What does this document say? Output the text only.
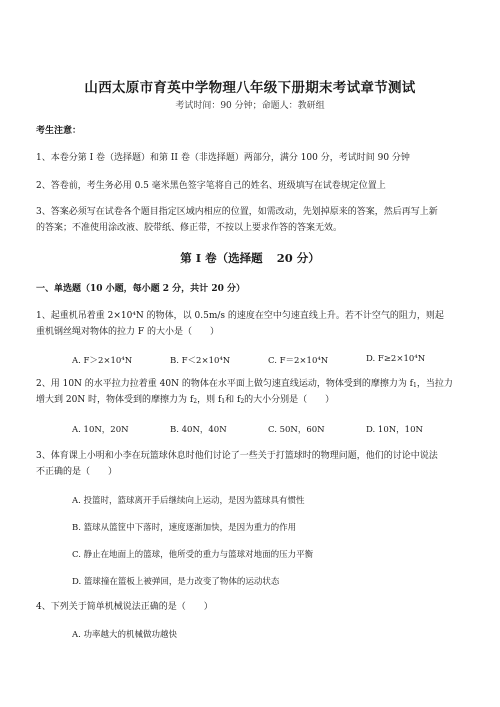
山西太原市育英中学物理八年级下册期末考试章节测试
考试时间：90 分钟；命题人：教研组
考生注意：
1、本卷分第 I 卷（选择题）和第 II 卷（非选择题）两部分，满分 100 分，考试时间 90 分钟
2、答卷前，考生务必用 0.5 毫米黑色签字笔将自己的姓名、班级填写在试卷规定位置上
3、答案必须写在试卷各个题目指定区域内相应的位置，如需改动，先划掉原来的答案，然后再写上新
的答案；不准使用涂改液、胶带纸、修正带，不按以上要求作答的答案无效。
第 I 卷（选择题 20 分）
一、单选题（10 小题，每小题 2 分，共计 20 分）
1、起重机吊着重 2×10⁴N 的物体，以 0.5m/s 的速度在空中匀速直线上升。若不计空气的阻力，则起
重机钢丝绳对物体的拉力 F 的大小是（　　）
A. F＞2×10⁴N	B. F＜2×10⁴N	C. F＝2×10⁴N	D. F≥2×10⁴N
2、用 10N 的水平拉力拉着重 40N 的物体在水平面上做匀速直线运动，物体受到的摩擦力为 f1，当拉力
增大到 20N 时，物体受到的摩擦力为 f2，则 f1和 f2的大小分别是（　　）
A. 10N，20N	B. 40N，40N	C. 50N，60N	D. 10N，10N
3、体育课上小明和小李在玩篮球休息时他们讨论了一些关于打篮球时的物理问题，他们的讨论中说法
不正确的是（　　）
A. 投篮时，篮球离开手后继续向上运动，是因为篮球具有惯性
B. 篮球从篮筐中下落时，速度逐渐加快，是因为重力的作用
C. 静止在地面上的篮球，他所受的重力与篮球对地面的压力平衡
D. 篮球撞在篮板上被弹回，是力改变了物体的运动状态
4、下列关于简单机械说法正确的是（　　）
A. 功率越大的机械做功越快
